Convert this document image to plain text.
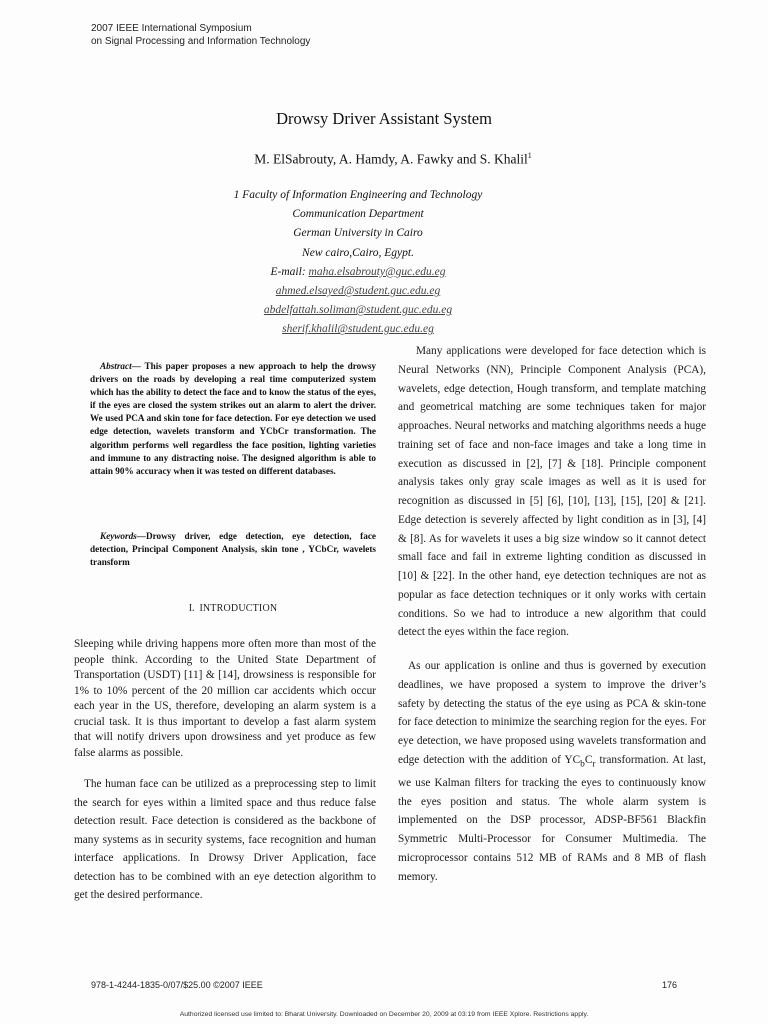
2007 IEEE International Symposium
on Signal Processing and Information Technology
Drowsy Driver Assistant System
M. ElSabrouty, A. Hamdy, A. Fawky and S. Khalil$^1$
1 Faculty of Information Engineering and Technology
Communication Department
German University in Cairo
New cairo,Cairo, Egypt.
E-mail: maha.elsabrouty@guc.edu.eg
ahmed.elsayed@student.guc.edu.eg
abdelfattah.soliman@student.guc.edu.eg
sherif.khalil@student.guc.edu.eg
Abstract— This paper proposes a new approach to help the drowsy drivers on the roads by developing a real time computerized system which has the ability to detect the face and to know the status of the eyes, if the eyes are closed the system strikes out an alarm to alert the driver. We used PCA and skin tone for face detection. For eye detection we used edge detection, wavelets transform and YCbCr transformation. The algorithm performs well regardless the face position, lighting varieties and immune to any distracting noise. The designed algorithm is able to attain 90% accuracy when it was tested on different databases.
Keywords—Drowsy driver, edge detection, eye detection, face detection, Principal Component Analysis, skin tone , YCbCr, wavelets transform
I. INTRODUCTION
Sleeping while driving happens more often more than most of the people think. According to the United State Department of Transportation (USDT) [11] & [14], drowsiness is responsible for 1% to 10% percent of the 20 million car accidents which occur each year in the US, therefore, developing an alarm system is a crucial task. It is thus important to develop a fast alarm system that will notify drivers upon drowsiness and yet produce as few false alarms as possible.
The human face can be utilized as a preprocessing step to limit the search for eyes within a limited space and thus reduce false detection result. Face detection is considered as the backbone of many systems as in security systems, face recognition and human interface applications. In Drowsy Driver Application, face detection has to be combined with an eye detection algorithm to get the desired performance.
Many applications were developed for face detection which is Neural Networks (NN), Principle Component Analysis (PCA), wavelets, edge detection, Hough transform, and template matching and geometrical matching are some techniques taken for major approaches. Neural networks and matching algorithms needs a huge training set of face and non-face images and take a long time in execution as discussed in [2], [7] & [18]. Principle component analysis takes only gray scale images as well as it is used for recognition as discussed in [5] [6], [10], [13], [15], [20] & [21]. Edge detection is severely affected by light condition as in [3], [4] & [8]. As for wavelets it uses a big size window so it cannot detect small face and fail in extreme lighting condition as discussed in [10] & [22]. In the other hand, eye detection techniques are not as popular as face detection techniques or it only works with certain conditions. So we had to introduce a new algorithm that could detect the eyes within the face region.
As our application is online and thus is governed by execution deadlines, we have proposed a system to improve the driver’s safety by detecting the status of the eye using as PCA & skin-tone for face detection to minimize the searching region for the eyes. For eye detection, we have proposed using wavelets transformation and edge detection with the addition of $YC_bC_r$ transformation. At last, we use Kalman filters for tracking the eyes to continuously know the eyes position and status. The whole alarm system is implemented on the DSP processor, ADSP-BF561 Blackfin Symmetric Multi-Processor for Consumer Multimedia. The microprocessor contains 512 MB of RAMs and 8 MB of flash memory.
978-1-4244-1835-0/07/$25.00 ©2007 IEEE	176
Authorized licensed use limited to: Bharat University. Downloaded on December 20, 2009 at 03:19 from IEEE Xplore. Restrictions apply.
